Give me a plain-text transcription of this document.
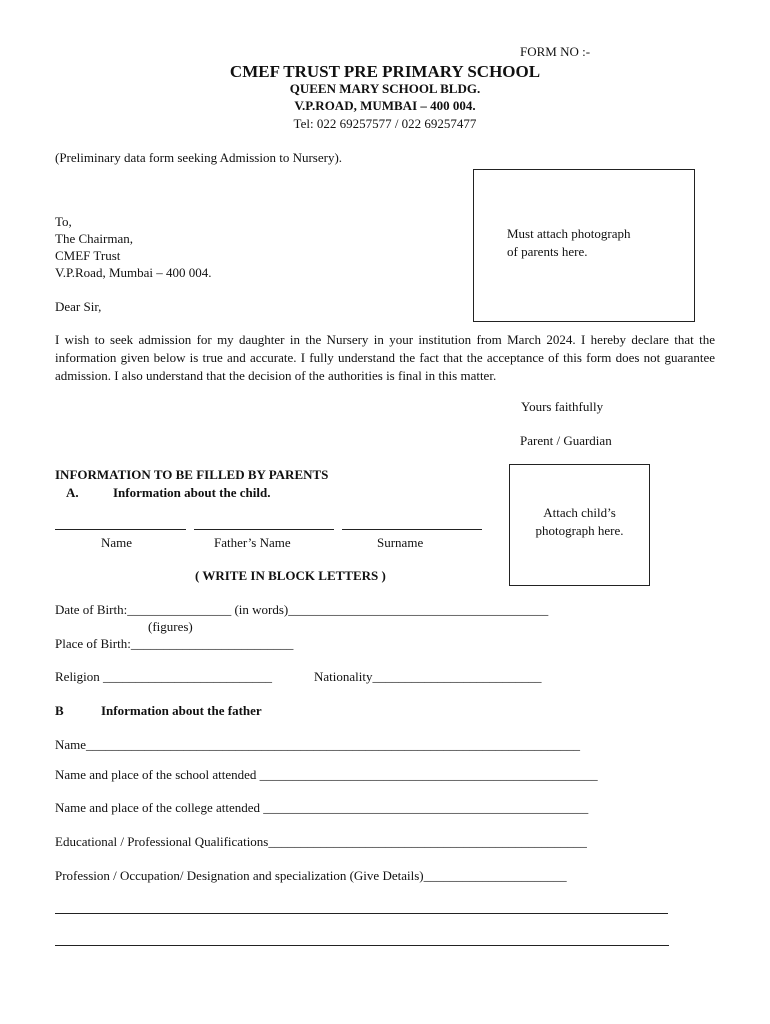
FORM NO :-
CMEF TRUST PRE PRIMARY SCHOOL
QUEEN MARY SCHOOL BLDG.
V.P.ROAD, MUMBAI – 400 004.
Tel: 022 69257577 / 022 69257477
(Preliminary data form seeking Admission to Nursery).
Must attach photograph
of parents here.
To,
The Chairman,
CMEF Trust
V.P.Road, Mumbai – 400 004.
Dear Sir,
I wish to seek admission for my daughter in the Nursery in your institution from March 2024. I hereby declare that the information given below is true and accurate. I fully understand the fact that the acceptance of this form does not guarantee admission. I also understand that the decision of the authorities is final in this matter.
Yours faithfully
Parent / Guardian
INFORMATION TO BE FILLED BY PARENTS
A.	Information about the child.
Attach child’s
photograph here.
Name	Father’s Name	Surname
( WRITE IN BLOCK LETTERS )
Date of Birth:________________ (in words)________________________________________
(figures)
Place of Birth:_________________________
Religion __________________________	Nationality__________________________
B	Information about the father
Name____________________________________________________________________________
Name and place of the school attended ____________________________________________________
Name and place of the college attended __________________________________________________
Educational / Professional Qualifications_________________________________________________
Profession / Occupation/ Designation and specialization (Give Details)______________________
